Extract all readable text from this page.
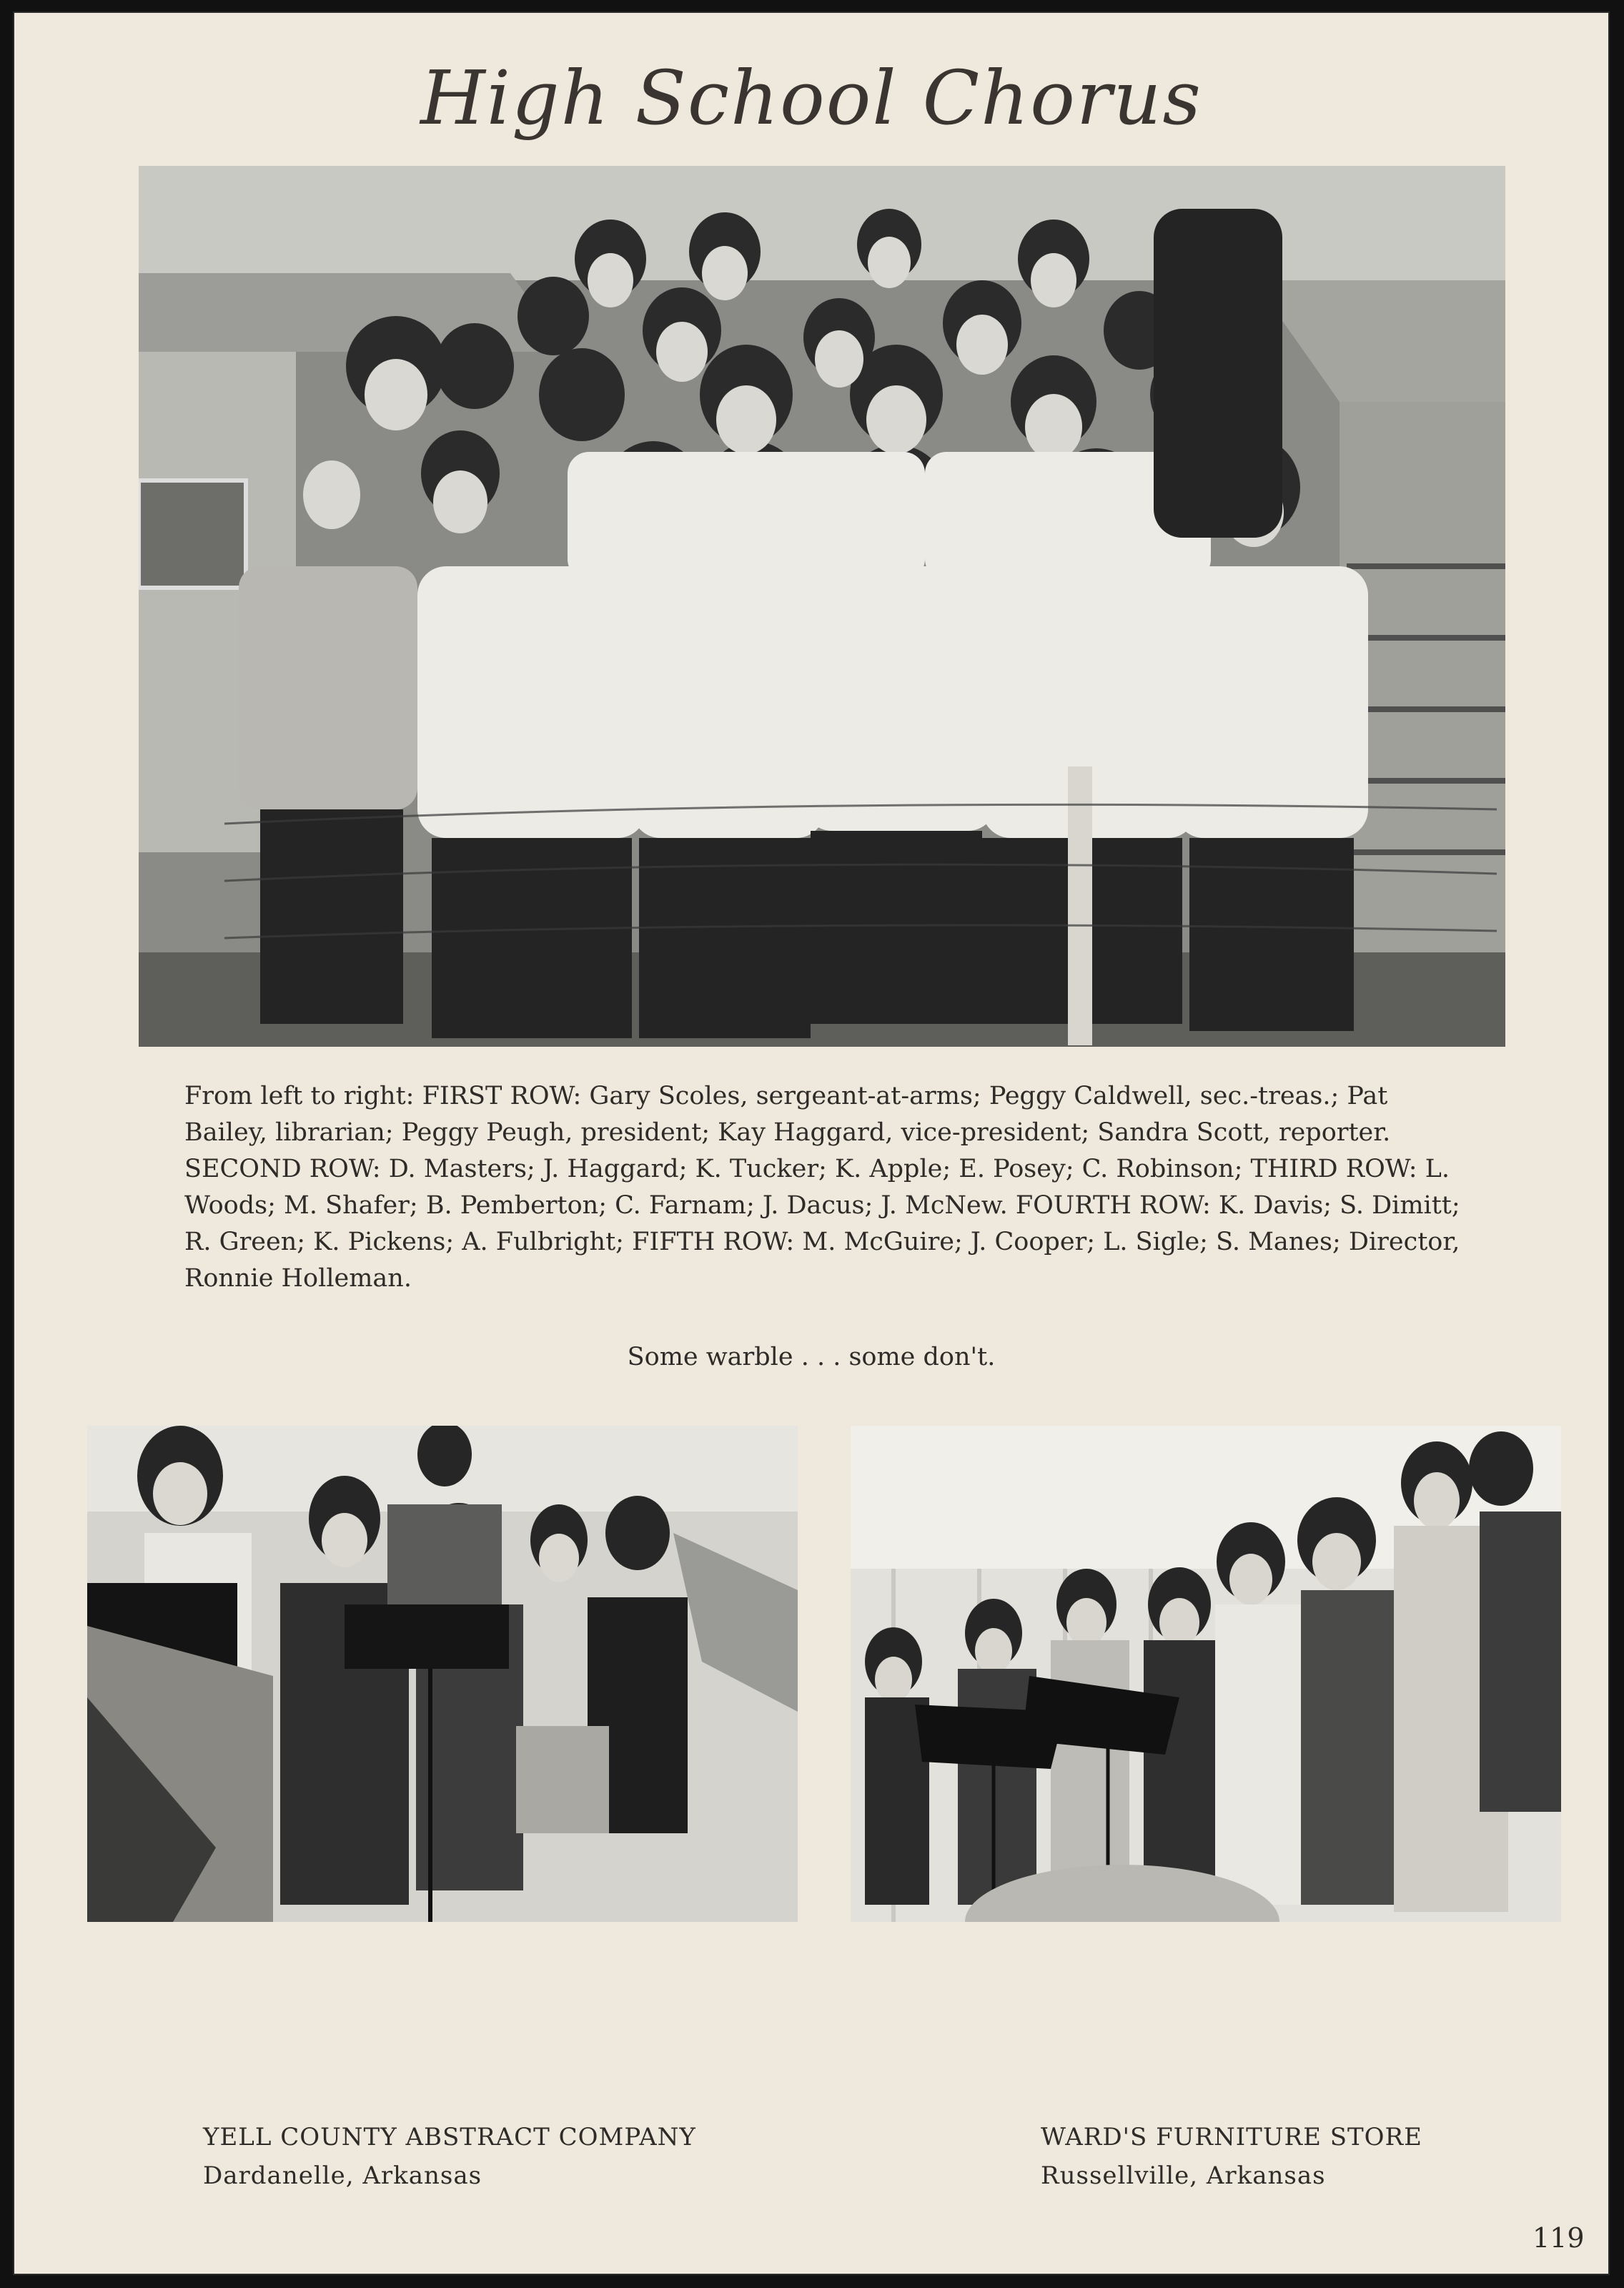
High School Chorus

From left to right: FIRST ROW: Gary Scoles, sergeant-at-arms; Peggy Caldwell, sec.-treas.; Pat Bailey, librarian; Peggy Peugh, president; Kay Haggard, vice-president; Sandra Scott, reporter. SECOND ROW: D. Masters; J. Haggard; K. Tucker; K. Apple; E. Posey; C. Robinson; THIRD ROW: L. Woods; M. Shafer; B. Pemberton; C. Farnam; J. Dacus; J. McNew. FOURTH ROW: K. Davis; S. Dimitt; R. Green; K. Pickens; A. Fulbright; FIFTH ROW: M. McGuire; J. Cooper; L. Sigle; S. Manes; Director, Ronnie Holleman.

Some warble . . . some don't.

YELL COUNTY ABSTRACT COMPANY
Dardanelle, Arkansas
WARD'S FURNITURE STORE
Russellville, Arkansas
119
